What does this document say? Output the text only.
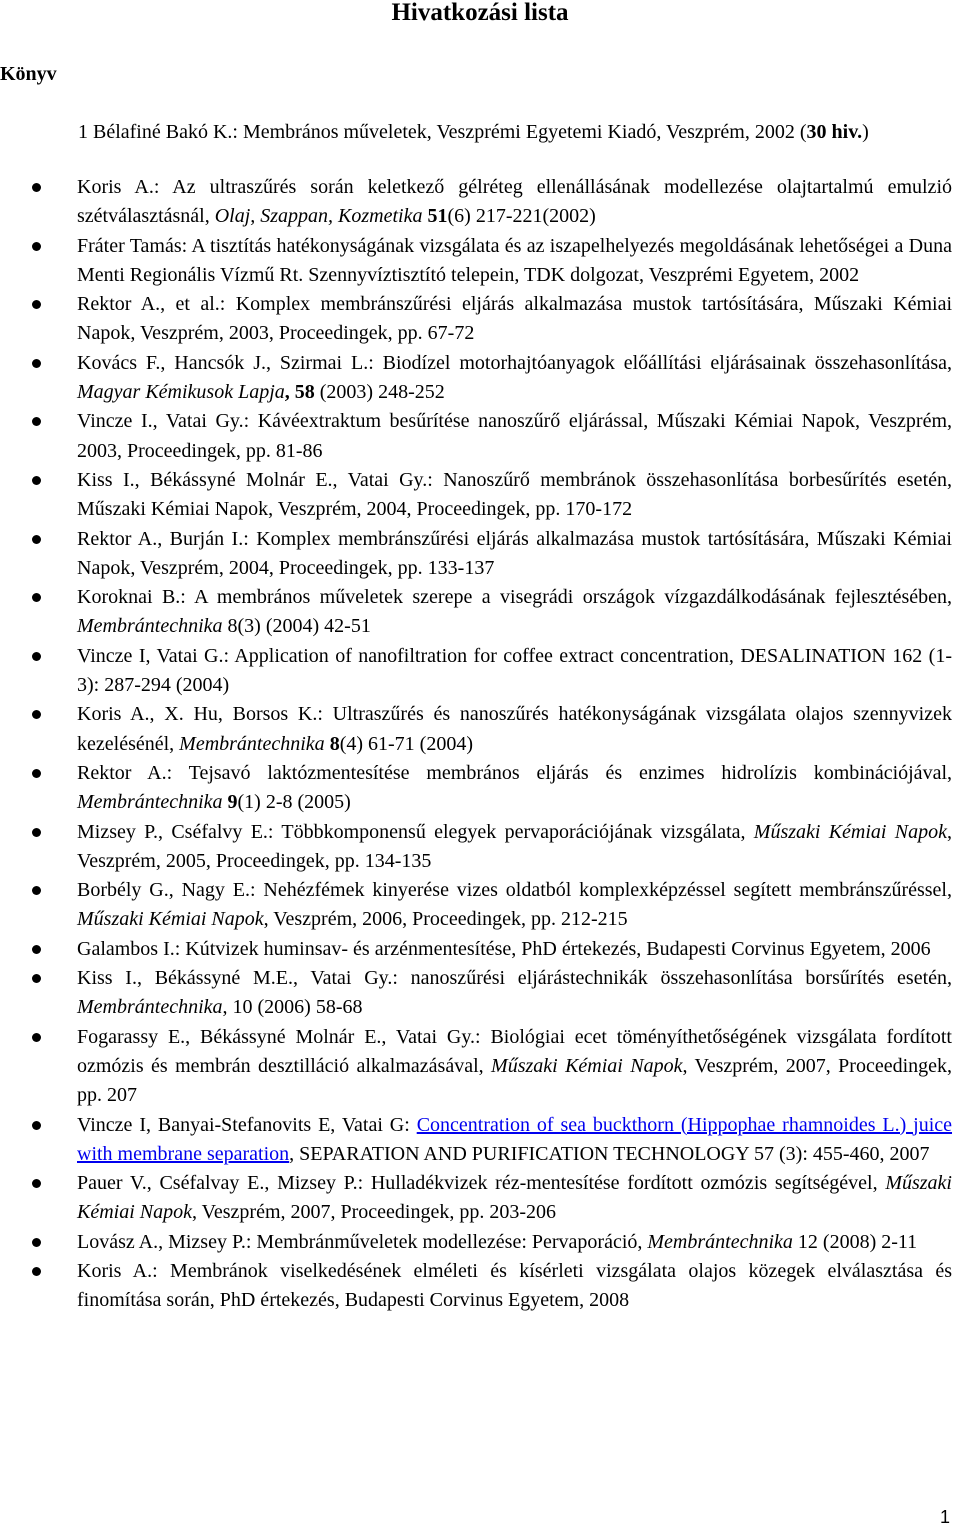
Hivatkozási lista
Könyv
1 Bélafiné Bakó K.: Membrános műveletek, Veszprémi Egyetemi Kiadó, Veszprém, 2002 (30 hiv.)
Koris A.: Az ultraszűrés során keletkező gélréteg ellenállásának modellezése olajtartalmú emulzió szétválasztásnál, Olaj, Szappan, Kozmetika 51(6) 217-221(2002)
Fráter Tamás: A tisztítás hatékonyságának vizsgálata és az iszapelhelyezés megoldásának lehetőségei a Duna Menti Regionális Vízmű Rt. Szennyvíztisztító telepein, TDK dolgozat, Veszprémi Egyetem, 2002
Rektor A., et al.: Komplex membránszűrési eljárás alkalmazása mustok tartósítására, Műszaki Kémiai Napok, Veszprém, 2003, Proceedingek, pp. 67-72
Kovács F., Hancsók J., Szirmai L.: Biodízel motorhajtóanyagok előállítási eljárásainak összehasonlítása, Magyar Kémikusok Lapja, 58 (2003) 248-252
Vincze I., Vatai Gy.: Kávéextraktum besűrítése nanoszűrő eljárással, Műszaki Kémiai Napok, Veszprém, 2003, Proceedingek, pp. 81-86
Kiss I., Békássyné Molnár E., Vatai Gy.: Nanoszűrő membránok összehasonlítása borbesűrítés esetén, Műszaki Kémiai Napok, Veszprém, 2004, Proceedingek, pp. 170-172
Rektor A., Burján I.: Komplex membránszűrési eljárás alkalmazása mustok tartósítására, Műszaki Kémiai Napok, Veszprém, 2004, Proceedingek, pp. 133-137
Koroknai B.: A membrános műveletek szerepe a visegrádi országok vízgazdálkodásának fejlesztésében, Membrántechnika 8(3) (2004) 42-51
Vincze I, Vatai G.: Application of nanofiltration for coffee extract concentration, DESALINATION 162 (1-3): 287-294 (2004)
Koris A., X. Hu, Borsos K.: Ultraszűrés és nanoszűrés hatékonyságának vizsgálata olajos szennyvizek kezelésénél, Membrántechnika 8(4) 61-71 (2004)
Rektor A.: Tejsavó laktózmentesítése membrános eljárás és enzimes hidrolízis kombinációjával, Membrántechnika 9(1) 2-8 (2005)
Mizsey P., Cséfalvy E.: Többkomponensű elegyek pervaporációjának vizsgálata, Műszaki Kémiai Napok, Veszprém, 2005, Proceedingek, pp. 134-135
Borbély G., Nagy E.: Nehézfémek kinyerése vizes oldatból komplexképzéssel segített membránszűréssel, Műszaki Kémiai Napok, Veszprém, 2006, Proceedingek, pp. 212-215
Galambos I.: Kútvizek huminsav- és arzénmentesítése, PhD értekezés, Budapesti Corvinus Egyetem, 2006
Kiss I., Békássyné M.E., Vatai Gy.: nanoszűrési eljárástechnikák összehasonlítása borsűrítés esetén, Membrántechnika, 10 (2006) 58-68
Fogarassy E., Békássyné Molnár E., Vatai Gy.: Biológiai ecet töményíthetőségének vizsgálata fordított ozmózis és membrán desztilláció alkalmazásával, Műszaki Kémiai Napok, Veszprém, 2007, Proceedingek, pp. 207
Vincze I, Banyai-Stefanovits E, Vatai G: Concentration of sea buckthorn (Hippophae rhamnoides L.) juice with membrane separation, SEPARATION AND PURIFICATION TECHNOLOGY 57 (3): 455-460, 2007
Pauer V., Cséfalvay E., Mizsey P.: Hulladékvizek réz-mentesítése fordított ozmózis segítségével, Műszaki Kémiai Napok, Veszprém, 2007, Proceedingek, pp. 203-206
Lovász A., Mizsey P.: Membránműveletek modellezése: Pervaporáció, Membrántechnika 12 (2008) 2-11
Koris A.: Membránok viselkedésének elméleti és kísérleti vizsgálata olajos közegek elválasztása és finomítása során, PhD értekezés, Budapesti Corvinus Egyetem, 2008
1
